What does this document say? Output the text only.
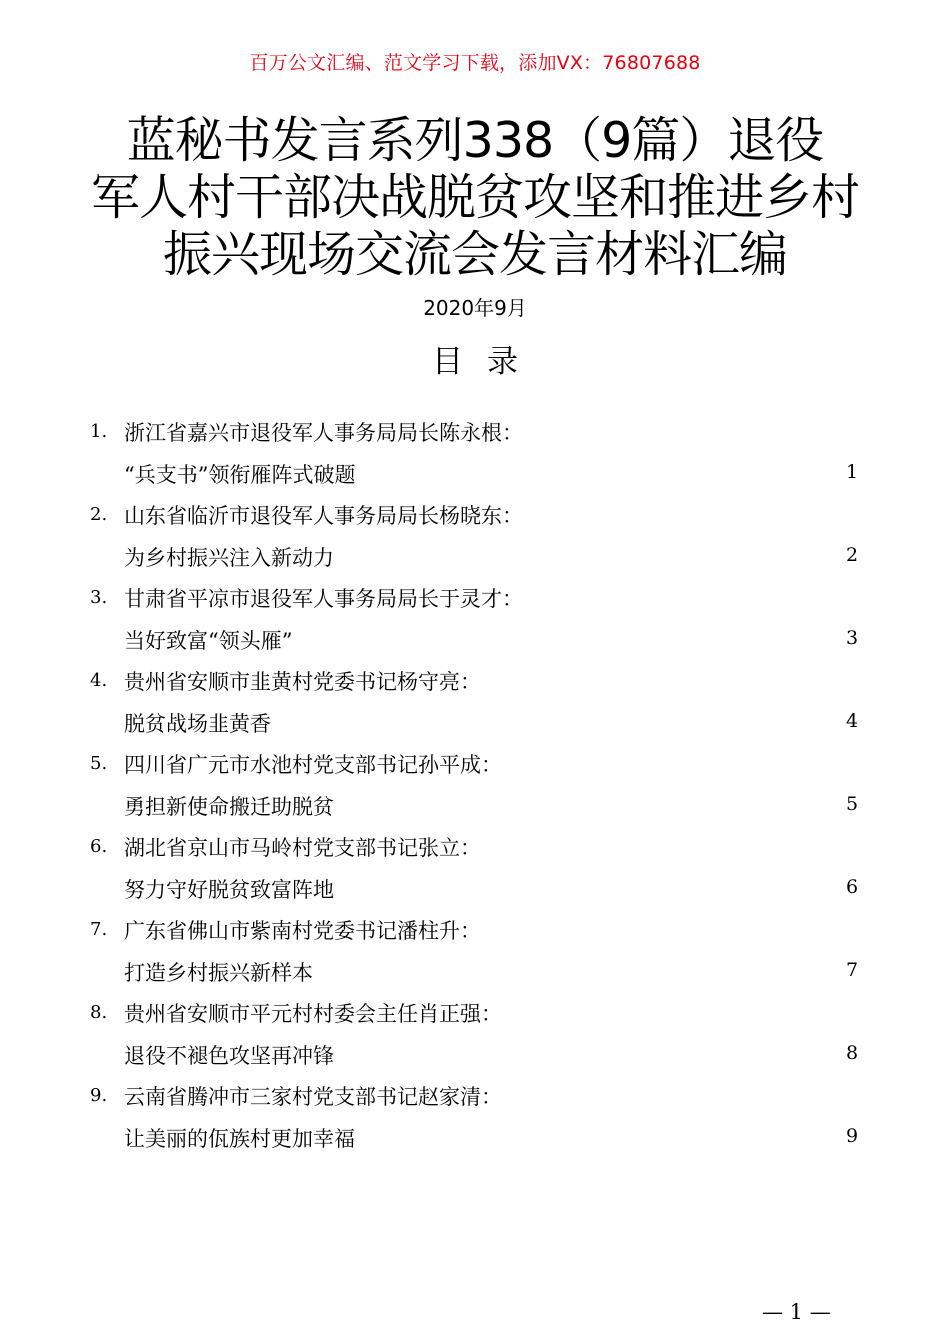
百万公文汇编、范文学习下载，添加VX：76807688
蓝秘书发言系列338（9篇）退役
军人村干部决战脱贫攻坚和推进乡村
振兴现场交流会发言材料汇编
2020年9月
目录
1. 浙江省嘉兴市退役军人事务局局长陈永根：
“兵支书”领衔雁阵式破题	1
2. 山东省临沂市退役军人事务局局长杨晓东：
为乡村振兴注入新动力	2
3. 甘肃省平凉市退役军人事务局局长于灵才：
当好致富“领头雁”	3
4. 贵州省安顺市韭黄村党委书记杨守亮：
脱贫战场韭黄香	4
5. 四川省广元市水池村党支部书记孙平成：
勇担新使命搬迁助脱贫	5
6. 湖北省京山市马岭村党支部书记张立：
努力守好脱贫致富阵地	6
7. 广东省佛山市紫南村党委书记潘柱升：
打造乡村振兴新样本	7
8. 贵州省安顺市平元村村委会主任肖正强：
退役不褪色攻坚再冲锋	8
9. 云南省腾冲市三家村党支部书记赵家清：
让美丽的佤族村更加幸福	9
— 1 —
